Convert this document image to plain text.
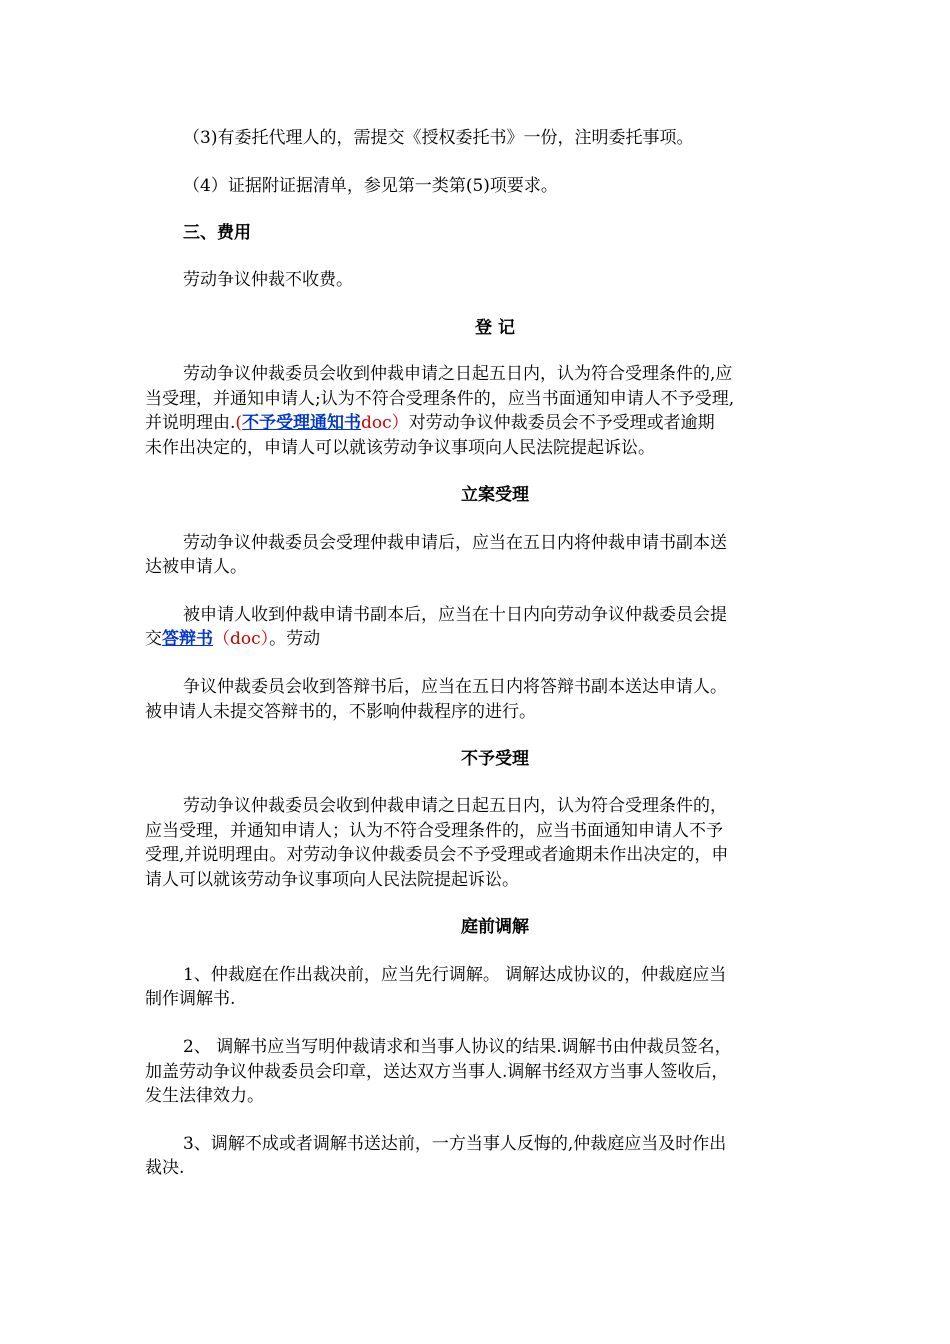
（3)有委托代理人的，需提交《授权委托书》一份，注明委托事项。
（4）证据附证据清单，参见第一类第(5)项要求。
三、费用
劳动争议仲裁不收费。
登 记
劳动争议仲裁委员会收到仲裁申请之日起五日内，认为符合受理条件的,应
当受理，并通知申请人;认为不符合受理条件的，应当书面通知申请人不予受理,
并说明理由.(不予受理通知书doc）对劳动争议仲裁委员会不予受理或者逾期
未作出决定的，申请人可以就该劳动争议事项向人民法院提起诉讼。
立案受理
劳动争议仲裁委员会受理仲裁申请后，应当在五日内将仲裁申请书副本送
达被申请人。
被申请人收到仲裁申请书副本后，应当在十日内向劳动争议仲裁委员会提
交答辩书（doc）。劳动
争议仲裁委员会收到答辩书后，应当在五日内将答辩书副本送达申请人。
被申请人未提交答辩书的，不影响仲裁程序的进行。
不予受理
劳动争议仲裁委员会收到仲裁申请之日起五日内，认为符合受理条件的，
应当受理，并通知申请人；认为不符合受理条件的，应当书面通知申请人不予
受理,并说明理由。对劳动争议仲裁委员会不予受理或者逾期未作出决定的，申
请人可以就该劳动争议事项向人民法院提起诉讼。
庭前调解
1、仲裁庭在作出裁决前，应当先行调解。 调解达成协议的，仲裁庭应当
制作调解书.
2、 调解书应当写明仲裁请求和当事人协议的结果.调解书由仲裁员签名，
加盖劳动争议仲裁委员会印章，送达双方当事人.调解书经双方当事人签收后，
发生法律效力。
3、调解不成或者调解书送达前，一方当事人反悔的,仲裁庭应当及时作出
裁决.
